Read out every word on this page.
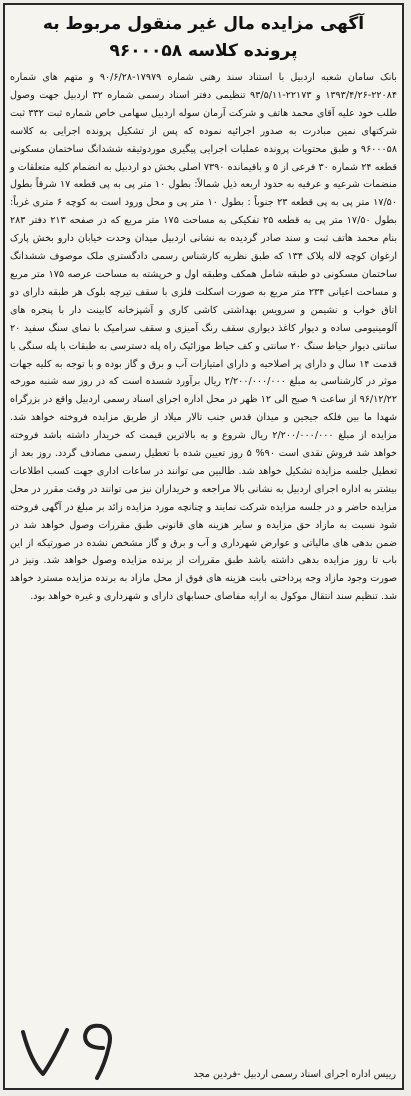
آگهی مزایده مال غیر منقول مربوط به
پرونده کلاسه ۹۶۰۰۰۵۸
بانک سامان شعبه اردبیل با استناد سند رهنی شماره ۱۷۹۷۹-۹۰/۶/۲۸ و متهم های شماره ۲۲۰۸۴-۱۳۹۳/۴/۲۶ و ۲۲۱۷۳-۹۳/۵/۱۱ تنظیمی دفتر اسناد رسمی شماره ۳۲ اردبیل جهت وصول طلب خود علیه آقای محمد هاتف و شرکت آرمان سوله اردبیل سهامی خاص شماره ثبت ۳۳۲ ثبت شرکتهای نمین مبادرت به صدور اجرائیه نموده که پس از تشکیل پرونده اجرایی به کلاسه ۹۶۰۰۰۵۸ و طبق محتویات پرونده عملیات اجرایی پیگیری موردوثیقه ششدانگ ساختمان مسکونی قطعه ۲۴ شماره ۳۰ فرعی از ۵ و باقیمانده ۷۳۹۰ اصلی بخش دو اردبیل به انضمام کلیه متعلقات و منضمات شرعیه و عرفیه به حدود اربعه ذیل شمالاً: بطول ۱۰ متر پی به پی قطعه ۱۷ شرقاً بطول ۱۷/۵۰ متر پی به پی قطعه ۲۳ جنوباً : بطول ۱۰ متر پی و محل ورود است به کوچه ۶ متری غرباً: بطول ۱۷/۵۰ متر پی به قطعه ۲۵ تفکیکی به مساحت ۱۷۵ متر مربع که در صفحه ۲۱۳ دفتر ۲۸۳ بنام محمد هاتف ثبت و سند صادر گردیده به نشانی اردبیل میدان وحدت خیابان دارو بخش پارک ارغوان کوچه لاله پلاک ۱۳۴ که طبق نظریه کارشناس رسمی دادگستری ملک موصوف ششدانگ ساختمان مسکونی دو طبقه شامل همکف وطبقه اول و خرپشته به مساحت عرصه ۱۷۵ متر مربع و مساحت اعیانی ۲۳۴ متر مربع به صورت اسکلت فلزی با سقف تیرچه بلوک هر طبقه دارای دو اتاق خواب و نشیمن و سرویس بهداشتی کاشی کاری و آشپزخانه کابینت دار با پنجره های آلومینیومی ساده و دیوار کاغذ دیواری سقف رنگ آمیزی و سقف سرامیک با نمای سنگ سفید ۲۰ سانتی دیوار حیاط سنگ ۲۰ سانتی و کف حیاط موزائیک راه پله دسترسی به طبقات با پله سنگی با قدمت ۱۴ سال و دارای پر اصلاحیه و دارای امتیازات آب و برق و گاز بوده و با توجه به کلیه جهات موثر در کارشناسی به مبلغ ۲/۲۰۰/۰۰۰/۰۰۰ ریال برآورد شسده است که در روز سه شنبه مورخه ۹۶/۱۲/۲۲ از ساعت ۹ صبح الی ۱۲ ظهر در محل اداره اجرای اسناد رسمی اردبیل واقع در بزرگراه شهدا ما بین فلکه جیجین و میدان قدس جنب تالار میلاد از طریق مزایده فروخته خواهد شد. مزایده از مبلغ ۲/۲۰۰/۰۰۰/۰۰۰ ریال شروع و به بالاترین قیمت که خریدار داشته باشد فروخته خواهد شد فروش نقدی است ۹۰% ۵ روز تعیین شده با تعطیل رسمی مصادف گردد. روز بعد از تعطیل جلسه مزایده تشکیل خواهد شد. طالبین می توانند در ساعات اداری جهت کسب اطلاعات بیشتر به اداره اجرای اردبیل به نشانی بالا مراجعه و خریداران نیز می توانند در وقت مقرر در محل مزایده حاضر و در جلسه مزایده شرکت نمایند و چنانچه مورد مزایده زائد بر مبلغ در آگهی فروخته شود نسبت به مازاد حق مزایده و سایر هزینه های قانونی طبق مقررات وصول خواهد شد در ضمن بدهی های مالیاتی و عوارض شهرداری و آب و برق و گاز مشخص نشده در صورتیکه از این باب تا روز مزایده بدهی داشته باشد طبق مقررات از برنده مزایده وصول خواهد شد. ونیز در صورت وجود مازاد وجه پرداختی بابت هزینه های فوق از محل مازاد به برنده مزایده مسترد خواهد شد. تنظیم سند انتقال موکول به ارایه مفاصای حسابهای دارای و شهرداری و غیره خواهد بود.
رییس اداره اجرای اسناد رسمی اردبیل -فردین مجد
